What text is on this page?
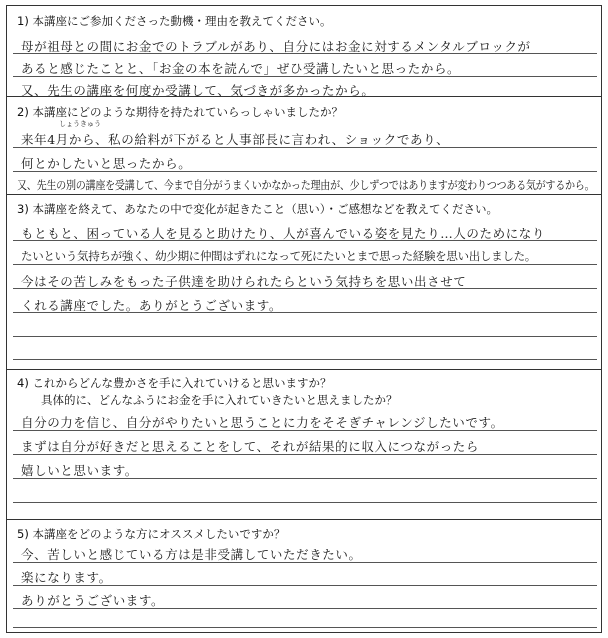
1) 本講座にご参加くださった動機・理由を教えてください。
母が祖母との間にお金でのトラブルがあり、自分にはお金に対するメンタルブロックが
あると感じたことと、「お金の本を読んで」ぜひ受講したいと思ったから。
又、先生の講座を何度か受講して、気づきが多かったから。
2) 本講座にどのような期待を持たれていらっしゃいましたか？
しょうきゅう
来年4月から、私の給料が下がると人事部長に言われ、ショックであり、
何とかしたいと思ったから。
又、先生の別の講座を受講して、今まで自分がうまくいかなかった理由が、少しずつではありますが変わりつつある気がするから。
3) 本講座を終えて、あなたの中で変化が起きたこと（思い）・ご感想などを教えてください。
もともと、困っている人を見ると助けたり、人が喜んでいる姿を見たり…人のためになり
たいという気持ちが強く、幼少期に仲間はずれになって死にたいとまで思った経験を思い出しました。
今はその苦しみをもった子供達を助けられたらという気持ちを思い出させて
くれる講座でした。ありがとうございます。
4) これからどんな豊かさを手に入れていけると思いますか？
具体的に、どんなふうにお金を手に入れていきたいと思えましたか？
自分の力を信じ、自分がやりたいと思うことに力をそそぎチャレンジしたいです。
まずは自分が好きだと思えることをして、それが結果的に収入につながったら
嬉しいと思います。
5) 本講座をどのような方にオススメしたいですか？
今、苦しいと感じている方は是非受講していただきたい。
楽になります。
ありがとうございます。
